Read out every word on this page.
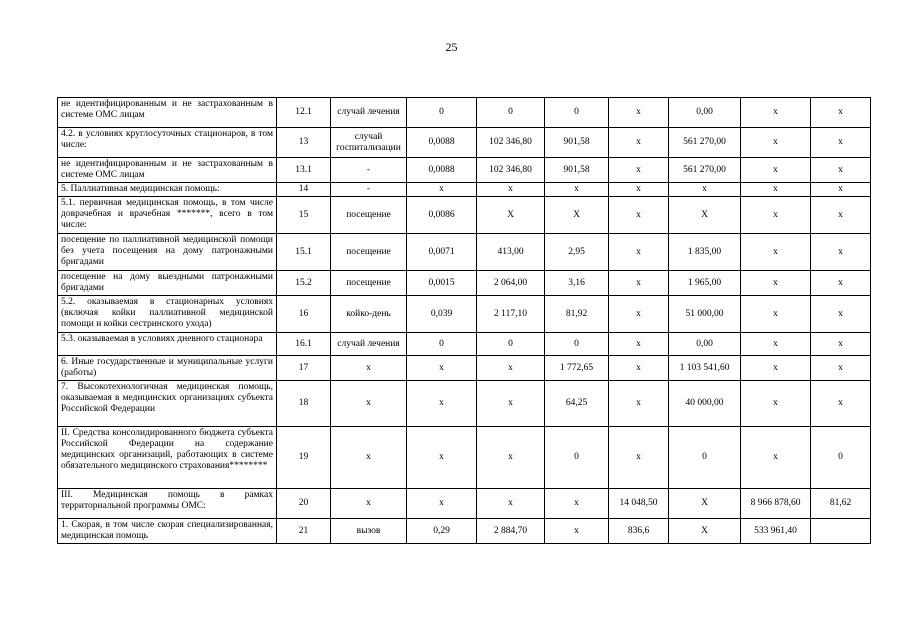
25
не идентифицированным и не застрахованным в системе ОМС лицам	12.1	случай лечения	0	0	0	x	0,00	x	x
4.2. в условиях круглосуточных стационаров, в том числе:	13	случай госпитализации	0,0088	102 346,80	901,58	x	561 270,00	x	x
не идентифицированным и не застрахованным в системе ОМС лицам	13.1	-	0,0088	102 346,80	901,58	x	561 270,00	x	x
5. Паллиативная медицинская помощь:	14	-	x	x	x	x	x	x	x
5.1. первичная медицинская помощь, в том числе доврачебная и врачебная *******, всего в том числе:	15	посещение	0,0086	X	X	x	X	x	x
посещение по паллиативной медицинской помощи без учета посещения на дому патронажными бригадами	15.1	посещение	0,0071	413,00	2,95	x	1 835,00	x	x
посещение на дому выездными патронажными бригадами	15.2	посещение	0,0015	2 064,00	3,16	x	1 965,00	x	x
5.2. оказываемая в стационарных условиях (включая койки паллиативной медицинской помощи и койки сестринского ухода)	16	койко-день	0,039	2 117,10	81,92	x	51 000,00	x	x
5.3. оказываемая в условиях дневного стационара	16.1	случай лечения	0	0	0	x	0,00	x	x
6. Иные государственные и муниципальные услуги (работы)	17	x	x	x	1 772,65	x	1 103 541,60	x	x
7. Высокотехнологичная медицинская помощь, оказываемая в медицинских организациях субъекта Российской Федерации	18	x	x	x	64,25	x	40 000,00	x	x
II. Средства консолидированного бюджета субъекта Российской Федерации на содержание медицинских организаций, работающих в системе обязательного медицинского страхования********	19	x	x	x	0	x	0	x	0
III. Медицинская помощь в рамках территориальной программы ОМС:	20	x	x	x	x	14 048,50	X	8 966 878,60	81,62
1. Скорая, в том числе скорая специализированная, медицинская помощь	21	вызов	0,29	2 884,70	x	836,6	X	533 961,40	
